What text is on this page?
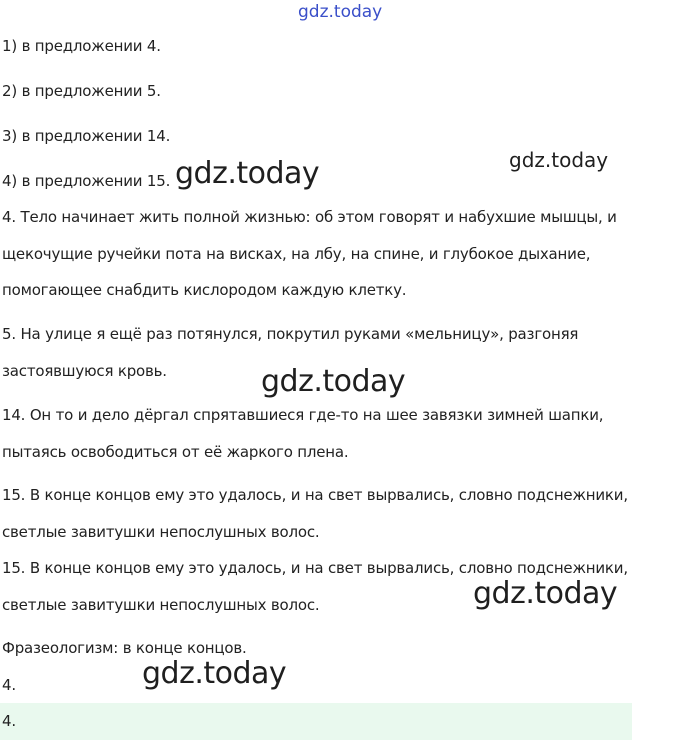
gdz.today
gdz.today	gdz.today
gdz.today
gdz.today
gdz.today
1) в предложении 4.
2) в предложении 5.
3) в предложении 14.
4) в предложении 15.
4. Тело начинает жить полной жизнью: об этом говорят и набухшие мышцы, и
щекочущие ручейки пота на висках, на лбу, на спине, и глубокое дыхание,
помогающее снабдить кислородом каждую клетку.
5. На улице я ещё раз потянулся, покрутил руками «мельницу», разгоняя
застоявшуюся кровь.
14. Он то и дело дёргал спрятавшиеся где-то на шее завязки зимней шапки,
пытаясь освободиться от её жаркого плена.
15. В конце концов ему это удалось, и на свет вырвались, словно подснежники,
светлые завитушки непослушных волос.
15. В конце концов ему это удалось, и на свет вырвались, словно подснежники,
светлые завитушки непослушных волос.
Фразеологизм: в конце концов.
4.
4.
